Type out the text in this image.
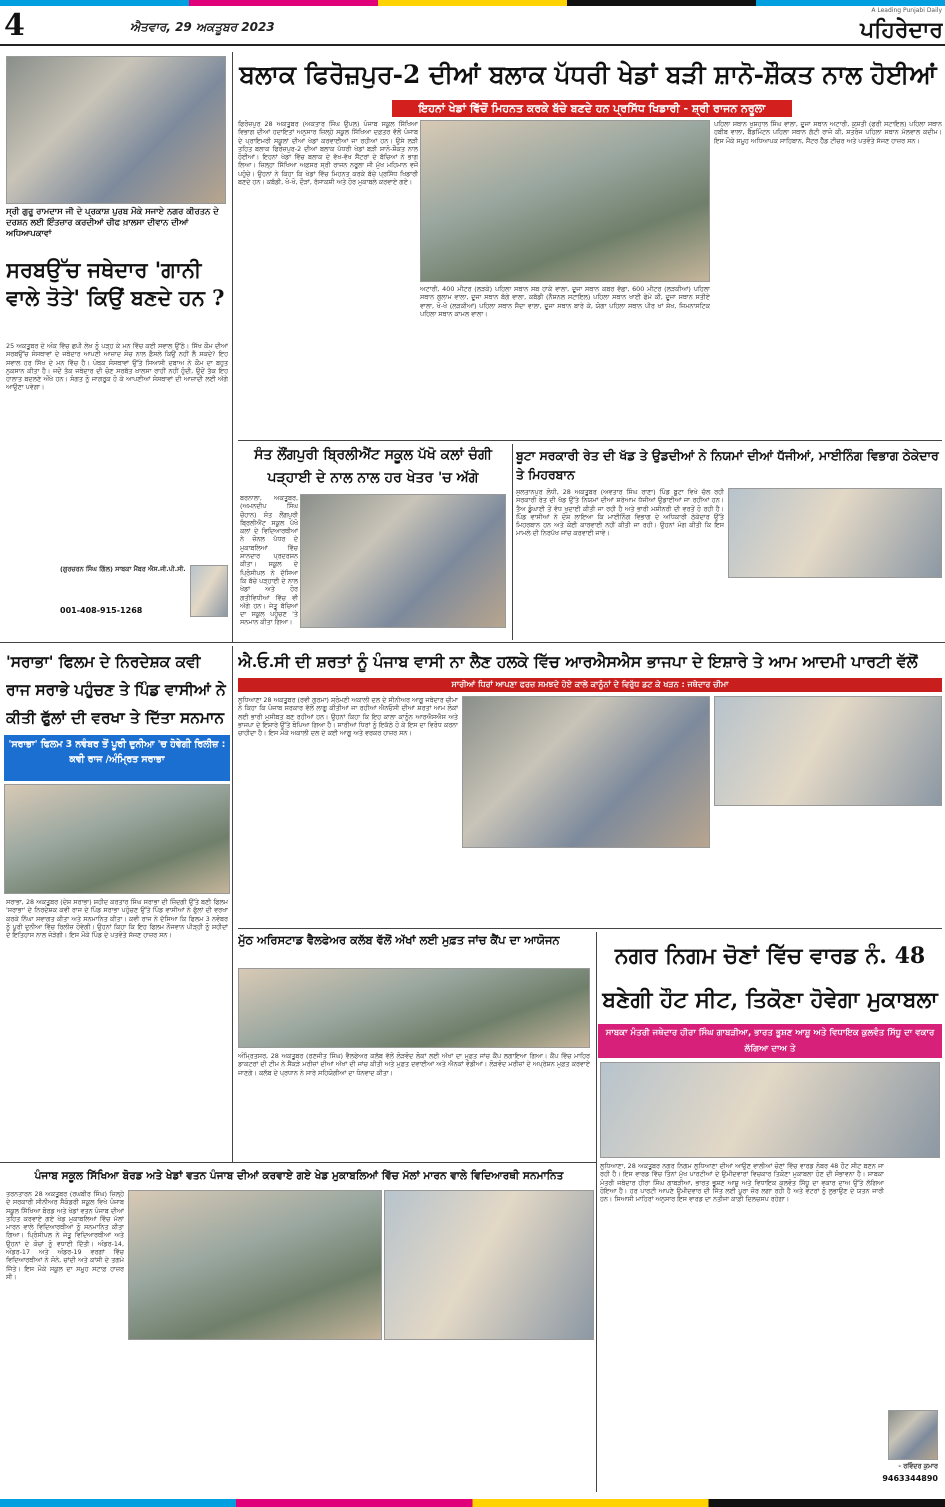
4	ਐਤਵਾਰ, 29 ਅਕਤੂਬਰ 2023
A Leading Punjabi Daily
ਪਹਿਰੇਦਾਰ
ਸ੍ਰੀ ਗੁਰੂ ਰਾਮਦਾਸ ਜੀ ਦੇ ਪ੍ਰਕਾਸ਼ ਪੁਰਬ ਮੌਕੇ ਸਜਾਏ ਨਗਰ ਕੀਰਤਨ ਦੇ ਦਰਸ਼ਨ ਲਈ ਇੰਤਜ਼ਾਰ ਕਰਦੀਆਂ ਚੀਫ ਖ਼ਾਲਸਾ ਦੀਵਾਨ ਦੀਆਂ ਅਧਿਆਪਕਾਵਾਂ
ਸਰਬਉੱਚ ਜਥੇਦਾਰ 'ਗਾਨੀ ਵਾਲੇ ਤੋਤੇ' ਕਿਉਂ ਬਣਦੇ ਹਨ ?
25 ਅਕਤੂਬਰ ਦੇ ਅੰਕ ਵਿੱਚ ਛਪੀ ਲੇਖ ਨੂੰ ਪੜ੍ਹ ਕੇ ਮਨ ਵਿੱਚ ਕਈ ਸਵਾਲ ਉੱਠੇ। ਸਿੱਖ ਕੌਮ ਦੀਆਂ ਸਰਬਉੱਚ ਸੰਸਥਾਵਾਂ ਦੇ ਜਥੇਦਾਰ ਆਪਣੀ ਆਜ਼ਾਦ ਸੋਚ ਨਾਲ ਫ਼ੈਸਲੇ ਕਿਉਂ ਨਹੀਂ ਲੈ ਸਕਦੇ? ਇਹ ਸਵਾਲ ਹਰ ਸਿੱਖ ਦੇ ਮਨ ਵਿੱਚ ਹੈ। ਪੰਥਕ ਸੰਸਥਾਵਾਂ ਉੱਤੇ ਸਿਆਸੀ ਦਬਾਅ ਨੇ ਕੌਮ ਦਾ ਬਹੁਤ ਨੁਕਸਾਨ ਕੀਤਾ ਹੈ। ਜਦੋਂ ਤੱਕ ਜਥੇਦਾਰ ਦੀ ਚੋਣ ਸਰਬੱਤ ਖ਼ਾਲਸਾ ਰਾਹੀਂ ਨਹੀਂ ਹੁੰਦੀ, ਉਦੋਂ ਤੱਕ ਇਹ ਹਾਲਾਤ ਬਦਲਣੇ ਔਖੇ ਹਨ। ਸੰਗਤ ਨੂੰ ਜਾਗਰੂਕ ਹੋ ਕੇ ਆਪਣੀਆਂ ਸੰਸਥਾਵਾਂ ਦੀ ਆਜ਼ਾਦੀ ਲਈ ਅੱਗੇ ਆਉਣਾ ਪਵੇਗਾ।
(ਗੁਰਚਰਨ ਸਿੰਘ ਗਿੱਲ) ਸਾਬਕਾ ਮੈਂਬਰ ਐਸ.ਜੀ.ਪੀ.ਸੀ.
001-408-915-1268
ਬਲਾਕ ਫਿਰੋਜ਼ਪੁਰ-2 ਦੀਆਂ ਬਲਾਕ ਪੱਧਰੀ ਖੇਡਾਂ ਬੜੀ ਸ਼ਾਨੋ-ਸ਼ੌਕਤ ਨਾਲ ਹੋਈਆਂ
ਇਹਨਾਂ ਖੇਡਾਂ ਵਿੱਚੋਂ ਮਿਹਨਤ ਕਰਕੇ ਬੱਚੇ ਬਣਦੇ ਹਨ ਪ੍ਰਸਿੱਧ ਖਿਡਾਰੀ - ਸ਼੍ਰੀ ਰਾਜਨ ਨਰੂਲਾ
ਫਿਰੋਜ਼ਪੁਰ 28 ਅਕਤੂਬਰ (ਅਕਤਾਰ ਸਿੰਘ ਉਪਲ) ਪੰਜਾਬ ਸਕੂਲ ਸਿੱਖਿਆ ਵਿਭਾਗ ਦੀਆਂ ਹਦਾਇਤਾਂ ਅਨੁਸਾਰ ਜ਼ਿਲ੍ਹੇ ਸਕੂਲ ਸਿੱਖਿਆ ਦਫ਼ਤਰ ਵੱਲੋਂ ਪੰਜਾਬ ਦੇ ਪ੍ਰਾਇਮਰੀ ਸਕੂਲਾਂ ਦੀਆਂ ਖੇਡਾਂ ਕਰਵਾਈਆਂ ਜਾ ਰਹੀਆਂ ਹਨ। ਉਸੇ ਲੜੀ ਤਹਿਤ ਬਲਾਕ ਫਿਰੋਜ਼ਪੁਰ-2 ਦੀਆਂ ਬਲਾਕ ਪੱਧਰੀ ਖੇਡਾਂ ਬੜੀ ਸ਼ਾਨੋ-ਸ਼ੌਕਤ ਨਾਲ ਹੋਈਆਂ। ਇਹਨਾਂ ਖੇਡਾਂ ਵਿੱਚ ਬਲਾਕ ਦੇ ਵੱਖ-ਵੱਖ ਸੈਂਟਰਾਂ ਦੇ ਬੱਚਿਆਂ ਨੇ ਭਾਗ ਲਿਆ। ਜ਼ਿਲ੍ਹਾ ਸਿੱਖਿਆ ਅਫ਼ਸਰ ਸ੍ਰੀ ਰਾਜਨ ਨਰੂਲਾ ਜੀ ਮੁੱਖ ਮਹਿਮਾਨ ਵਜੋਂ ਪਹੁੰਚੇ। ਉਹਨਾਂ ਨੇ ਕਿਹਾ ਕਿ ਖੇਡਾਂ ਵਿੱਚ ਮਿਹਨਤ ਕਰਕੇ ਬੱਚੇ ਪ੍ਰਸਿੱਧ ਖਿਡਾਰੀ ਬਣਦੇ ਹਨ। ਕਬੱਡੀ, ਖੋ-ਖੋ, ਦੌੜਾਂ, ਰੱਸਾਕਸ਼ੀ ਅਤੇ ਹੋਰ ਮੁਕਾਬਲੇ ਕਰਵਾਏ ਗਏ।
ਅਟਾਰੀ, 400 ਮੀਟਰ (ਲੜਕੇ) ਪਹਿਲਾ ਸਥਾਨ ਸਬ ਹਾਕੇ ਵਾਲਾ, ਦੂਜਾ ਸਥਾਨ ਕਬਰ ਵੱਛਾ, 600 ਮੀਟਰ (ਲੜਕੀਆਂ) ਪਹਿਲਾ ਸਥਾਨ ਗੁਲਾਮ ਵਾਲਾ, ਦੂਜਾ ਸਥਾਨ ਬੱਗੇ ਵਾਲਾ, ਕਬੱਡੀ (ਨੈਸ਼ਨਲ ਸਟਾਇਲ) ਪਹਿਲਾ ਸਥਾਨ ਖਾਈ ਫੇਮੇ ਕੀ, ਦੂਜਾ ਸਥਾਨ ਸਤੀਏ ਵਾਲਾ, ਖੋ-ਖੋ (ਲੜਕੀਆਂ) ਪਹਿਲਾ ਸਥਾਨ ਸੈਦਾ ਵਾਲਾ, ਦੂਜਾ ਸਥਾਨ ਬਾਰੇ ਕੇ, ਯੋਗਾ ਪਹਿਲਾ ਸਥਾਨ ਪੀਰ ਖਾਂ ਸ਼ੇਖ, ਜਿਮਨਾਸਟਿਕ ਪਹਿਲਾ ਸਥਾਨ ਕਾਮਲ ਵਾਲਾ।
ਪਹਿਲਾ ਸਥਾਨ ਖੁਸ਼ਹਾਲ ਸਿੰਘ ਵਾਲਾ, ਦੂਜਾ ਸਥਾਨ ਅਟਾਰੀ, ਕੁਸ਼ਤੀ (ਫਰੀ ਸਟਾਇਲ) ਪਹਿਲਾ ਸਥਾਨ ਹਬੀਬ ਵਾਲਾ, ਬੈਡਮਿੰਟਨ ਪਹਿਲਾ ਸਥਾਨ ਗੱਟੀ ਰਾਜੋ ਕੀ, ਸ਼ਤਰੰਜ ਪਹਿਲਾ ਸਥਾਨ ਮੱਲਵਾਲ ਕਦੀਮ। ਇਸ ਮੌਕੇ ਸਮੂਹ ਅਧਿਆਪਕ ਸਾਹਿਬਾਨ, ਸੈਂਟਰ ਹੈੱਡ ਟੀਚਰ ਅਤੇ ਪਤਵੰਤੇ ਸੱਜਣ ਹਾਜ਼ਰ ਸਨ।
ਸੰਤ ਲੌਂਗਪੁਰੀ ਬ੍ਰਿਲੀਐਂਟ ਸਕੂਲ ਪੱਖੋ ਕਲਾਂ ਚੰਗੀ ਪੜ੍ਹਾਈ ਦੇ ਨਾਲ ਨਾਲ ਹਰ ਖੇਤਰ 'ਚ ਅੱਗੇ
ਬਰਨਾਲਾ, ਅਕਤੂਬਰ, (ਅਮਨਦੀਪ ਸਿੰਘ ਚੌਹਾਨ) ਸੰਤ ਲੌਂਗਪੁਰੀ ਬ੍ਰਿਲੀਐਂਟ ਸਕੂਲ ਪੱਖੋ ਕਲਾਂ ਦੇ ਵਿਦਿਆਰਥੀਆਂ ਨੇ ਜ਼ੋਨਲ ਪੱਧਰ ਦੇ ਮੁਕਾਬਲਿਆਂ ਵਿੱਚ ਸ਼ਾਨਦਾਰ ਪ੍ਰਦਰਸ਼ਨ ਕੀਤਾ। ਸਕੂਲ ਦੇ ਪ੍ਰਿੰਸੀਪਲ ਨੇ ਦੱਸਿਆ ਕਿ ਬੱਚੇ ਪੜ੍ਹਾਈ ਦੇ ਨਾਲ ਖੇਡਾਂ ਅਤੇ ਹੋਰ ਗਤੀਵਿਧੀਆਂ ਵਿੱਚ ਵੀ ਅੱਗੇ ਹਨ। ਜੇਤੂ ਬੱਚਿਆਂ ਦਾ ਸਕੂਲ ਪਹੁੰਚਣ 'ਤੇ ਸਨਮਾਨ ਕੀਤਾ ਗਿਆ।
ਬੂਟਾ ਸਰਕਾਰੀ ਰੇਤ ਦੀ ਖੱਡ ਤੇ ਉਡਦੀਆਂ ਨੇ ਨਿਯਮਾਂ ਦੀਆਂ ਧੱਜੀਆਂ, ਮਾਈਨਿੰਗ ਵਿਭਾਗ ਠੇਕੇਦਾਰ ਤੇ ਮਿਹਰਬਾਨ
ਸੁਲਤਾਨਪੁਰ ਲੋਧੀ, 28 ਅਕਤੂਬਰ (ਅਵਤਾਰ ਸਿੰਘ ਰਾਣਾ) ਪਿੰਡ ਬੂਟਾ ਵਿਖੇ ਚੱਲ ਰਹੀ ਸਰਕਾਰੀ ਰੇਤ ਦੀ ਖੱਡ ਉੱਤੇ ਨਿਯਮਾਂ ਦੀਆਂ ਸ਼ਰੇਆਮ ਧੱਜੀਆਂ ਉਡਾਈਆਂ ਜਾ ਰਹੀਆਂ ਹਨ। ਤੈਅ ਡੂੰਘਾਈ ਤੋਂ ਵੱਧ ਖੁਦਾਈ ਕੀਤੀ ਜਾ ਰਹੀ ਹੈ ਅਤੇ ਭਾਰੀ ਮਸ਼ੀਨਰੀ ਦੀ ਵਰਤੋਂ ਹੋ ਰਹੀ ਹੈ। ਪਿੰਡ ਵਾਸੀਆਂ ਨੇ ਦੋਸ਼ ਲਾਇਆ ਕਿ ਮਾਈਨਿੰਗ ਵਿਭਾਗ ਦੇ ਅਧਿਕਾਰੀ ਠੇਕੇਦਾਰ ਉੱਤੇ ਮਿਹਰਬਾਨ ਹਨ ਅਤੇ ਕੋਈ ਕਾਰਵਾਈ ਨਹੀਂ ਕੀਤੀ ਜਾ ਰਹੀ। ਉਹਨਾਂ ਮੰਗ ਕੀਤੀ ਕਿ ਇਸ ਮਾਮਲੇ ਦੀ ਨਿਰਪੱਖ ਜਾਂਚ ਕਰਵਾਈ ਜਾਵੇ।
'ਸਰਾਭਾ' ਫਿਲਮ ਦੇ ਨਿਰਦੇਸ਼ਕ ਕਵੀ ਰਾਜ ਸਰਾਭੇ ਪਹੁੰਚਣ ਤੇ ਪਿੰਡ ਵਾਸੀਆਂ ਨੇ ਕੀਤੀ ਫੁੱਲਾਂ ਦੀ ਵਰਖਾ ਤੇ ਦਿੱਤਾ ਸਨਮਾਨ
'ਸਰਾਭਾ' ਫਿਲਮ 3 ਨਵੰਬਰ ਤੋਂ ਪੂਰੀ ਦੁਨੀਆ 'ਚ ਹੋਵੇਗੀ ਰਿਲੀਜ਼ : ਕਵੀ ਰਾਜ /ਅੰਮ੍ਰਿਤ ਸਰਾਭਾ
ਸਰਾਭਾ, 28 ਅਕਤੂਬਰ (ਦੇਸ਼ ਸਰਾਭਾ) ਸ਼ਹੀਦ ਕਰਤਾਰ ਸਿੰਘ ਸਰਾਭਾ ਦੀ ਜ਼ਿੰਦਗੀ ਉੱਤੇ ਬਣੀ ਫਿਲਮ 'ਸਰਾਭਾ' ਦੇ ਨਿਰਦੇਸ਼ਕ ਕਵੀ ਰਾਜ ਦੇ ਪਿੰਡ ਸਰਾਭਾ ਪਹੁੰਚਣ ਉੱਤੇ ਪਿੰਡ ਵਾਸੀਆਂ ਨੇ ਫੁੱਲਾਂ ਦੀ ਵਰਖਾ ਕਰਕੇ ਨਿੱਘਾ ਸਵਾਗਤ ਕੀਤਾ ਅਤੇ ਸਨਮਾਨਿਤ ਕੀਤਾ। ਕਵੀ ਰਾਜ ਨੇ ਦੱਸਿਆ ਕਿ ਫਿਲਮ 3 ਨਵੰਬਰ ਨੂੰ ਪੂਰੀ ਦੁਨੀਆ ਵਿੱਚ ਰਿਲੀਜ਼ ਹੋਵੇਗੀ। ਉਹਨਾਂ ਕਿਹਾ ਕਿ ਇਹ ਫਿਲਮ ਨੌਜਵਾਨ ਪੀੜ੍ਹੀ ਨੂੰ ਸ਼ਹੀਦਾਂ ਦੇ ਇਤਿਹਾਸ ਨਾਲ ਜੋੜੇਗੀ। ਇਸ ਮੌਕੇ ਪਿੰਡ ਦੇ ਪਤਵੰਤੇ ਸੱਜਣ ਹਾਜ਼ਰ ਸਨ।
ਐ.ਓ.ਸੀ ਦੀ ਸ਼ਰਤਾਂ ਨੂੰ ਪੰਜਾਬ ਵਾਸੀ ਨਾ ਲੈਣ ਹਲਕੇ ਵਿੱਚ ਆਰਐਸਐਸ ਭਾਜਪਾ ਦੇ ਇਸ਼ਾਰੇ ਤੇ ਆਮ ਆਦਮੀ ਪਾਰਟੀ ਵੱਲੋਂ
ਸਾਰੀਆਂ ਧਿਰਾਂ ਆਪਣਾ ਫਰਜ਼ ਸਮਝਦੇ ਹੋਏ ਕਾਲੇ ਕਾਨੂੰਨਾਂ ਦੇ ਵਿਰੁੱਧ ਡਟ ਕੇ ਖੜਨ : ਜਥੇਦਾਰ ਚੀਮਾ
ਲੁਧਿਆਣਾ 28 ਅਕਤੂਬਰ (ਰਵੀ ਗੁਰਮਾ) ਸ਼੍ਰੋਮਣੀ ਅਕਾਲੀ ਦਲ ਦੇ ਸੀਨੀਅਰ ਆਗੂ ਜਥੇਦਾਰ ਚੀਮਾ ਨੇ ਕਿਹਾ ਕਿ ਪੰਜਾਬ ਸਰਕਾਰ ਵੱਲੋਂ ਲਾਗੂ ਕੀਤੀਆਂ ਜਾ ਰਹੀਆਂ ਐਨਓਸੀ ਦੀਆਂ ਸ਼ਰਤਾਂ ਆਮ ਲੋਕਾਂ ਲਈ ਭਾਰੀ ਮੁਸੀਬਤ ਬਣ ਰਹੀਆਂ ਹਨ। ਉਹਨਾਂ ਕਿਹਾ ਕਿ ਇਹ ਕਾਲਾ ਕਾਨੂੰਨ ਆਰਐਸਐਸ ਅਤੇ ਭਾਜਪਾ ਦੇ ਇਸ਼ਾਰੇ ਉੱਤੇ ਥੋਪਿਆ ਗਿਆ ਹੈ। ਸਾਰੀਆਂ ਧਿਰਾਂ ਨੂੰ ਇਕੱਠੇ ਹੋ ਕੇ ਇਸ ਦਾ ਵਿਰੋਧ ਕਰਨਾ ਚਾਹੀਦਾ ਹੈ। ਇਸ ਮੌਕੇ ਅਕਾਲੀ ਦਲ ਦੇ ਕਈ ਆਗੂ ਅਤੇ ਵਰਕਰ ਹਾਜ਼ਰ ਸਨ।
ਮੁੱਠ ਅਰਿਸਟਾਡ ਵੈਲਫੇਅਰ ਕਲੱਬ ਵੱਲੋਂ ਅੱਖਾਂ ਲਈ ਮੁਫ਼ਤ ਜਾਂਚ ਕੈਂਪ ਦਾ ਆਯੋਜਨ
ਅੰਮ੍ਰਿਤਸਰ, 28 ਅਕਤੂਬਰ (ਰਣਜੀਤ ਸਿੰਘ) ਵੈਲਫੇਅਰ ਕਲੱਬ ਵੱਲੋਂ ਲੋੜਵੰਦ ਲੋਕਾਂ ਲਈ ਅੱਖਾਂ ਦਾ ਮੁਫ਼ਤ ਜਾਂਚ ਕੈਂਪ ਲਗਾਇਆ ਗਿਆ। ਕੈਂਪ ਵਿੱਚ ਮਾਹਿਰ ਡਾਕਟਰਾਂ ਦੀ ਟੀਮ ਨੇ ਸੈਂਕੜੇ ਮਰੀਜ਼ਾਂ ਦੀਆਂ ਅੱਖਾਂ ਦੀ ਜਾਂਚ ਕੀਤੀ ਅਤੇ ਮੁਫ਼ਤ ਦਵਾਈਆਂ ਅਤੇ ਐਨਕਾਂ ਵੰਡੀਆਂ। ਲੋੜਵੰਦ ਮਰੀਜ਼ਾਂ ਦੇ ਅਪ੍ਰੇਸ਼ਨ ਮੁਫ਼ਤ ਕਰਵਾਏ ਜਾਣਗੇ। ਕਲੱਬ ਦੇ ਪ੍ਰਧਾਨ ਨੇ ਸਾਰੇ ਸਹਿਯੋਗੀਆਂ ਦਾ ਧੰਨਵਾਦ ਕੀਤਾ।
ਨਗਰ ਨਿਗਮ ਚੋਣਾਂ ਵਿੱਚ ਵਾਰਡ ਨੰ. 48 ਬਣੇਗੀ ਹੌਟ ਸੀਟ, ਤਿਕੋਣਾ ਹੋਵੇਗਾ ਮੁਕਾਬਲਾ
ਸਾਬਕਾ ਮੰਤਰੀ ਜਥੇਦਾਰ ਹੀਰਾ ਸਿੰਘ ਗਾਬੜੀਆ, ਭਾਰਤ ਭੂਸ਼ਣ ਆਸ਼ੂ ਅਤੇ ਵਿਧਾਇਕ ਕੁਲਵੰਤ ਸਿੱਧੂ ਦਾ ਵਕਾਰ ਲੱਗਿਆ ਦਾਅ ਤੇ
ਲੁਧਿਆਣਾ, 28 ਅਕਤੂਬਰ ਨਗਰ ਨਿਗਮ ਲੁਧਿਆਣਾ ਦੀਆਂ ਆਉਣ ਵਾਲੀਆਂ ਚੋਣਾਂ ਵਿੱਚ ਵਾਰਡ ਨੰਬਰ 48 ਹੌਟ ਸੀਟ ਬਣਨ ਜਾ ਰਹੀ ਹੈ। ਇਸ ਵਾਰਡ ਵਿੱਚ ਤਿੰਨਾਂ ਮੁੱਖ ਪਾਰਟੀਆਂ ਦੇ ਉਮੀਦਵਾਰਾਂ ਵਿਚਕਾਰ ਤਿਕੋਣਾ ਮੁਕਾਬਲਾ ਹੋਣ ਦੀ ਸੰਭਾਵਨਾ ਹੈ। ਸਾਬਕਾ ਮੰਤਰੀ ਜਥੇਦਾਰ ਹੀਰਾ ਸਿੰਘ ਗਾਬੜੀਆ, ਭਾਰਤ ਭੂਸ਼ਣ ਆਸ਼ੂ ਅਤੇ ਵਿਧਾਇਕ ਕੁਲਵੰਤ ਸਿੱਧੂ ਦਾ ਵਕਾਰ ਦਾਅ ਉੱਤੇ ਲੱਗਿਆ ਹੋਇਆ ਹੈ। ਹਰ ਪਾਰਟੀ ਆਪਣੇ ਉਮੀਦਵਾਰ ਦੀ ਜਿੱਤ ਲਈ ਪੂਰਾ ਜ਼ੋਰ ਲਗਾ ਰਹੀ ਹੈ ਅਤੇ ਵੋਟਰਾਂ ਨੂੰ ਲੁਭਾਉਣ ਦੇ ਯਤਨ ਜਾਰੀ ਹਨ। ਸਿਆਸੀ ਮਾਹਿਰਾਂ ਅਨੁਸਾਰ ਇਸ ਵਾਰਡ ਦਾ ਨਤੀਜਾ ਕਾਫ਼ੀ ਦਿਲਚਸਪ ਰਹੇਗਾ।
- ਰਵਿੰਦਰ ਕੁਮਾਰ
9463344890
ਪੰਜਾਬ ਸਕੂਲ ਸਿੱਖਿਆ ਬੋਰਡ ਅਤੇ ਖੇਡਾਂ ਵਤਨ ਪੰਜਾਬ ਦੀਆਂ ਕਰਵਾਏ ਗਏ ਖੇਡ ਮੁਕਾਬਲਿਆਂ ਵਿੱਚ ਮੱਲਾਂ ਮਾਰਨ ਵਾਲੇ ਵਿਦਿਆਰਥੀ ਸਨਮਾਨਿਤ
ਤਰਨਤਾਰਨ 28 ਅਕਤੂਬਰ (ਰਘਬੀਰ ਸਿੰਘ) ਜ਼ਿਲ੍ਹੇ ਦੇ ਸਰਕਾਰੀ ਸੀਨੀਅਰ ਸੈਕੰਡਰੀ ਸਕੂਲ ਵਿਖੇ ਪੰਜਾਬ ਸਕੂਲ ਸਿੱਖਿਆ ਬੋਰਡ ਅਤੇ ਖੇਡਾਂ ਵਤਨ ਪੰਜਾਬ ਦੀਆਂ ਤਹਿਤ ਕਰਵਾਏ ਗਏ ਖੇਡ ਮੁਕਾਬਲਿਆਂ ਵਿੱਚ ਮੱਲਾਂ ਮਾਰਨ ਵਾਲੇ ਵਿਦਿਆਰਥੀਆਂ ਨੂੰ ਸਨਮਾਨਿਤ ਕੀਤਾ ਗਿਆ। ਪ੍ਰਿੰਸੀਪਲ ਨੇ ਜੇਤੂ ਵਿਦਿਆਰਥੀਆਂ ਅਤੇ ਉਹਨਾਂ ਦੇ ਕੋਚਾਂ ਨੂੰ ਵਧਾਈ ਦਿੱਤੀ। ਅੰਡਰ-14, ਅੰਡਰ-17 ਅਤੇ ਅੰਡਰ-19 ਵਰਗਾਂ ਵਿੱਚ ਵਿਦਿਆਰਥੀਆਂ ਨੇ ਸੋਨੇ, ਚਾਂਦੀ ਅਤੇ ਕਾਂਸੀ ਦੇ ਤਗਮੇ ਜਿੱਤੇ। ਇਸ ਮੌਕੇ ਸਕੂਲ ਦਾ ਸਮੂਹ ਸਟਾਫ਼ ਹਾਜ਼ਰ ਸੀ।
